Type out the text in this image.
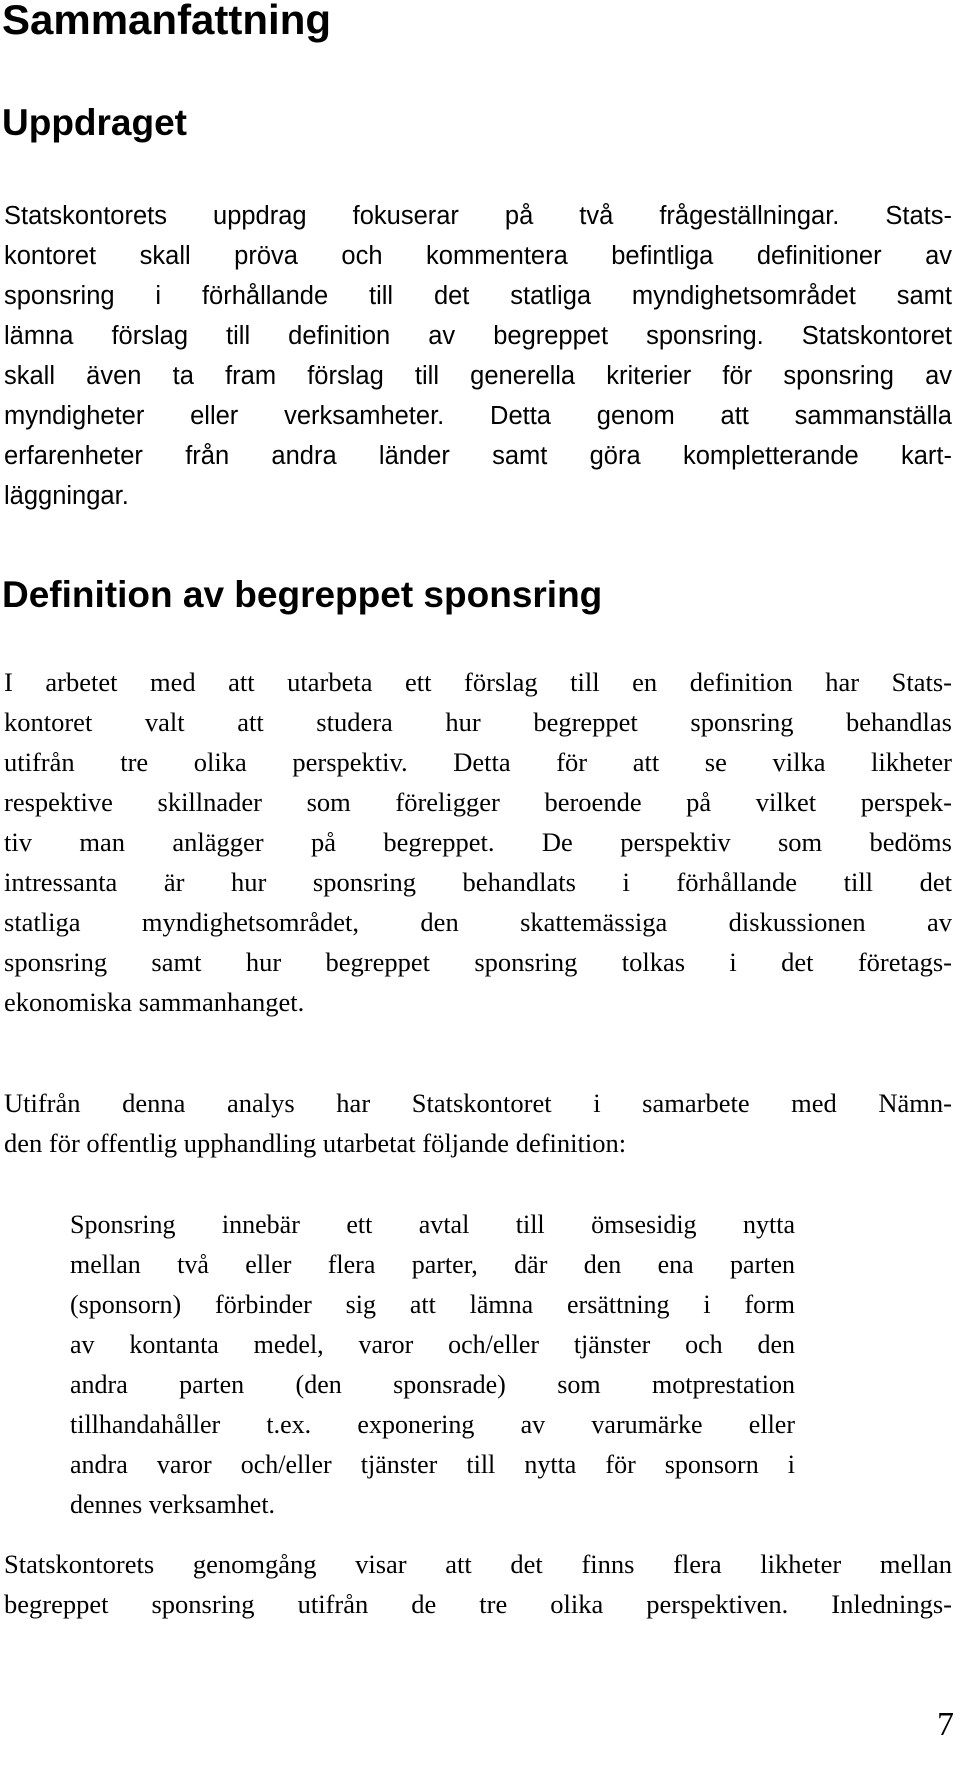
Sammanfattning
Uppdraget
Statskontorets uppdrag fokuserar på två frågeställningar. Stats-
kontoret skall pröva och kommentera befintliga definitioner av
sponsring i förhållande till det statliga myndighetsområdet samt
lämna förslag till definition av begreppet sponsring. Statskontoret
skall även ta fram förslag till generella kriterier för sponsring av
myndigheter eller verksamheter. Detta genom att sammanställa
erfarenheter från andra länder samt göra kompletterande kart-
läggningar.
Definition av begreppet sponsring
I arbetet med att utarbeta ett förslag till en definition har Stats-
kontoret valt att studera hur begreppet sponsring behandlas
utifrån tre olika perspektiv. Detta för att se vilka likheter
respektive skillnader som föreligger beroende på vilket perspek-
tiv man anlägger på begreppet. De perspektiv som bedöms
intressanta är hur sponsring behandlats i förhållande till det
statliga myndighetsområdet, den skattemässiga diskussionen av
sponsring samt hur begreppet sponsring tolkas i det företags-
ekonomiska sammanhanget.
Utifrån denna analys har Statskontoret i samarbete med Nämn-
den för offentlig upphandling utarbetat följande definition:
Sponsring innebär ett avtal till ömsesidig nytta
mellan två eller flera parter, där den ena parten
(sponsorn) förbinder sig att lämna ersättning i form
av kontanta medel, varor och/eller tjänster och den
andra parten (den sponsrade) som motprestation
tillhandahåller t.ex. exponering av varumärke eller
andra varor och/eller tjänster till nytta för sponsorn i
dennes verksamhet.
Statskontorets genomgång visar att det finns flera likheter mellan
begreppet sponsring utifrån de tre olika perspektiven. Inlednings-
7
